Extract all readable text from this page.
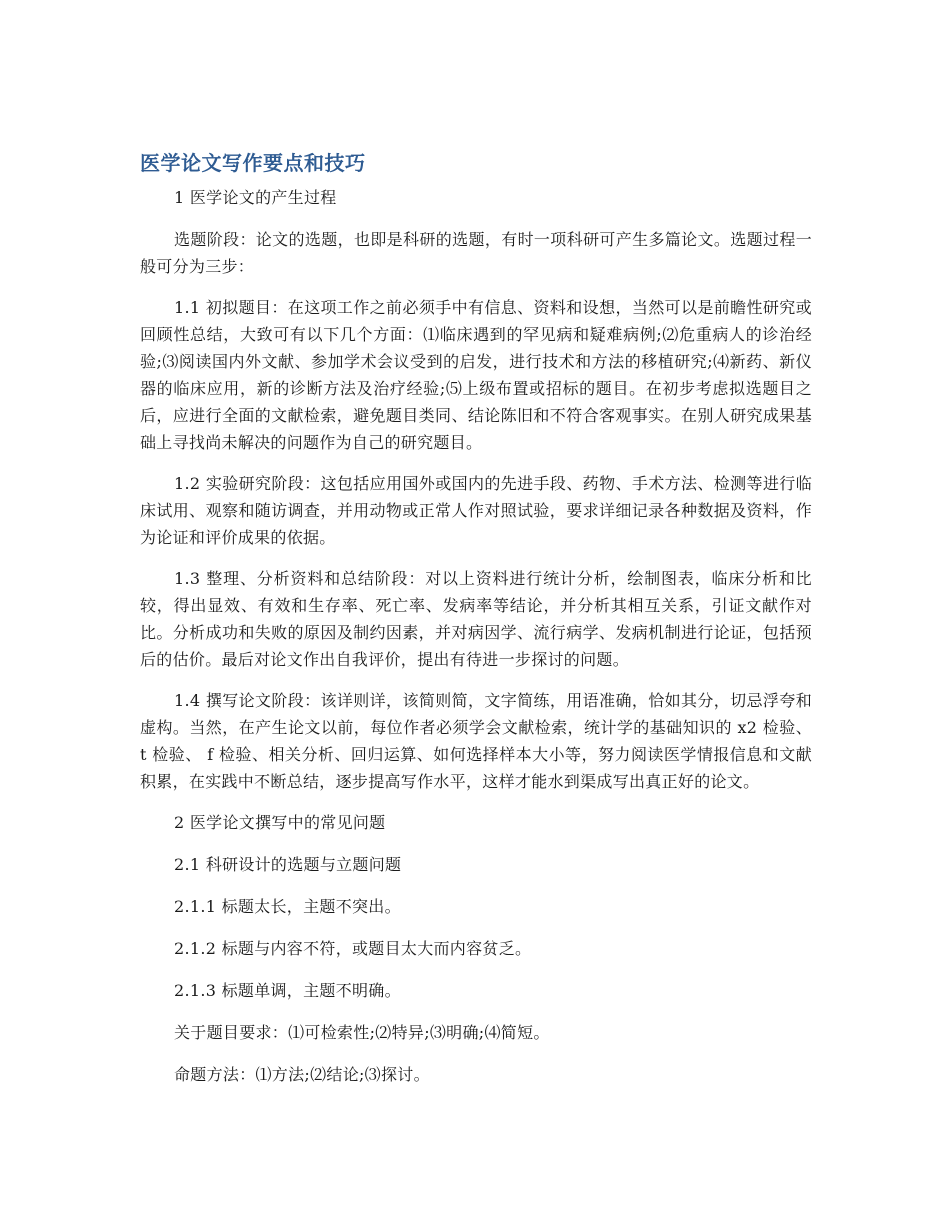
医学论文写作要点和技巧

1 医学论文的产生过程

选题阶段：论文的选题，也即是科研的选题，有时一项科研可产生多篇论文。选题过程一般可分为三步：

1.1 初拟题目：在这项工作之前必须手中有信息、资料和设想，当然可以是前瞻性研究或回顾性总结，大致可有以下几个方面：⑴临床遇到的罕见病和疑难病例;⑵危重病人的诊治经验;⑶阅读国内外文献、参加学术会议受到的启发，进行技术和方法的移植研究;⑷新药、新仪器的临床应用，新的诊断方法及治疗经验;⑸上级布置或招标的题目。在初步考虑拟选题目之后，应进行全面的文献检索，避免题目类同、结论陈旧和不符合客观事实。在别人研究成果基础上寻找尚未解决的问题作为自己的研究题目。

1.2 实验研究阶段：这包括应用国外或国内的先进手段、药物、手术方法、检测等进行临床试用、观察和随访调查，并用动物或正常人作对照试验，要求详细记录各种数据及资料，作为论证和评价成果的依据。

1.3 整理、分析资料和总结阶段：对以上资料进行统计分析，绘制图表，临床分析和比较，得出显效、有效和生存率、死亡率、发病率等结论，并分析其相互关系，引证文献作对比。分析成功和失败的原因及制约因素，并对病因学、流行病学、发病机制进行论证，包括预后的估价。最后对论文作出自我评价，提出有待进一步探讨的问题。

1.4 撰写论文阶段：该详则详，该简则简，文字简练，用语准确，恰如其分，切忌浮夸和虚构。当然，在产生论文以前，每位作者必须学会文献检索，统计学的基础知识的 x2 检验、 t 检验、 f 检验、相关分析、回归运算、如何选择样本大小等，努力阅读医学情报信息和文献积累，在实践中不断总结，逐步提高写作水平，这样才能水到渠成写出真正好的论文。

2 医学论文撰写中的常见问题

2.1 科研设计的选题与立题问题

2.1.1 标题太长，主题不突出。

2.1.2 标题与内容不符，或题目太大而内容贫乏。

2.1.3 标题单调，主题不明确。

关于题目要求：⑴可检索性;⑵特异;⑶明确;⑷简短。

命题方法：⑴方法;⑵结论;⑶探讨。
